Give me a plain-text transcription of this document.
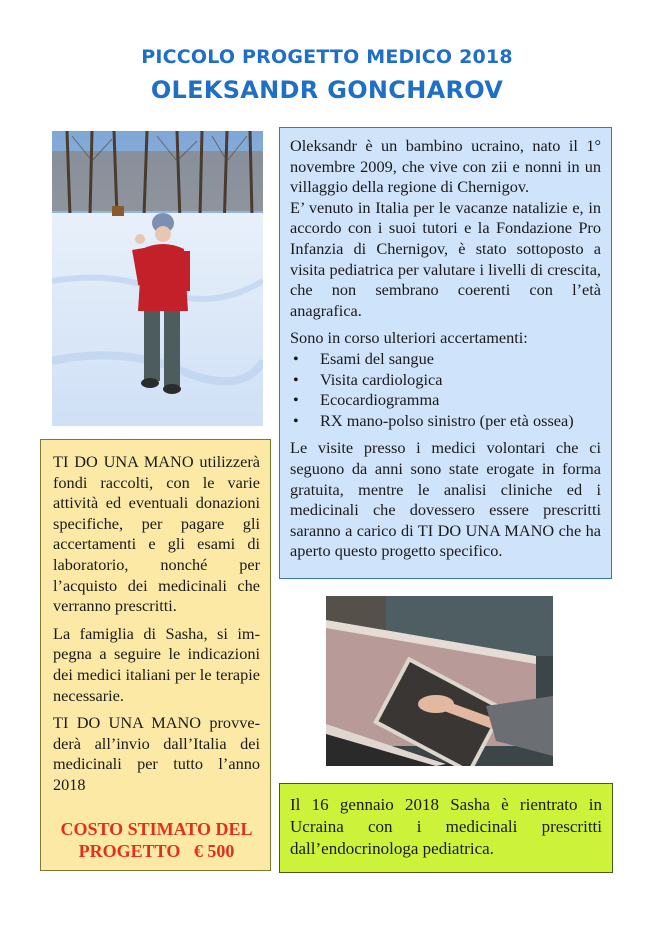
PICCOLO PROGETTO MEDICO 2018
OLEKSANDR GONCHAROV

Oleksandr è un bambino ucraino, nato il 1° novembre 2009, che vive con zii e nonni in un villaggio della regione di Chernigov.

E’ venuto in Italia per le vacanze natalizie e, in accordo con i suoi tutori e la Fondazione Pro Infanzia di Chernigov, è stato sottoposto a visita pediatrica per valutare i livelli di crescita, che non sembrano coerenti con l’età anagrafica.

Sono in corso ulteriori accertamenti:

• Esami del sangue
• Visita cardiologica
• Ecocardiogramma
• RX mano-polso sinistro (per età ossea)

Le visite presso i medici volontari che ci seguono da anni sono state erogate in forma gratuita, mentre le analisi cliniche ed i medicinali che dovessero essere prescritti saranno a carico di TI DO UNA MANO che ha aperto questo progetto specifico.

TI DO UNA MANO utilizzerà fondi raccolti, con le varie attività ed eventuali donazioni specifiche, per pagare gli accertamenti e gli esami di laboratorio, nonché per l’acquisto dei medicinali che verranno prescritti.

La famiglia di Sasha, si impegna a seguire le indicazioni dei medici italiani per le terapie necessarie.

TI DO UNA MANO provvederà all’invio dall’Italia dei medicinali per tutto l’anno 2018

COSTO STIMATO DEL
PROGETTO   € 500

Il 16 gennaio 2018 Sasha è rientrato in Ucraina con i medicinali prescritti dall’endocrinologa pediatrica.
